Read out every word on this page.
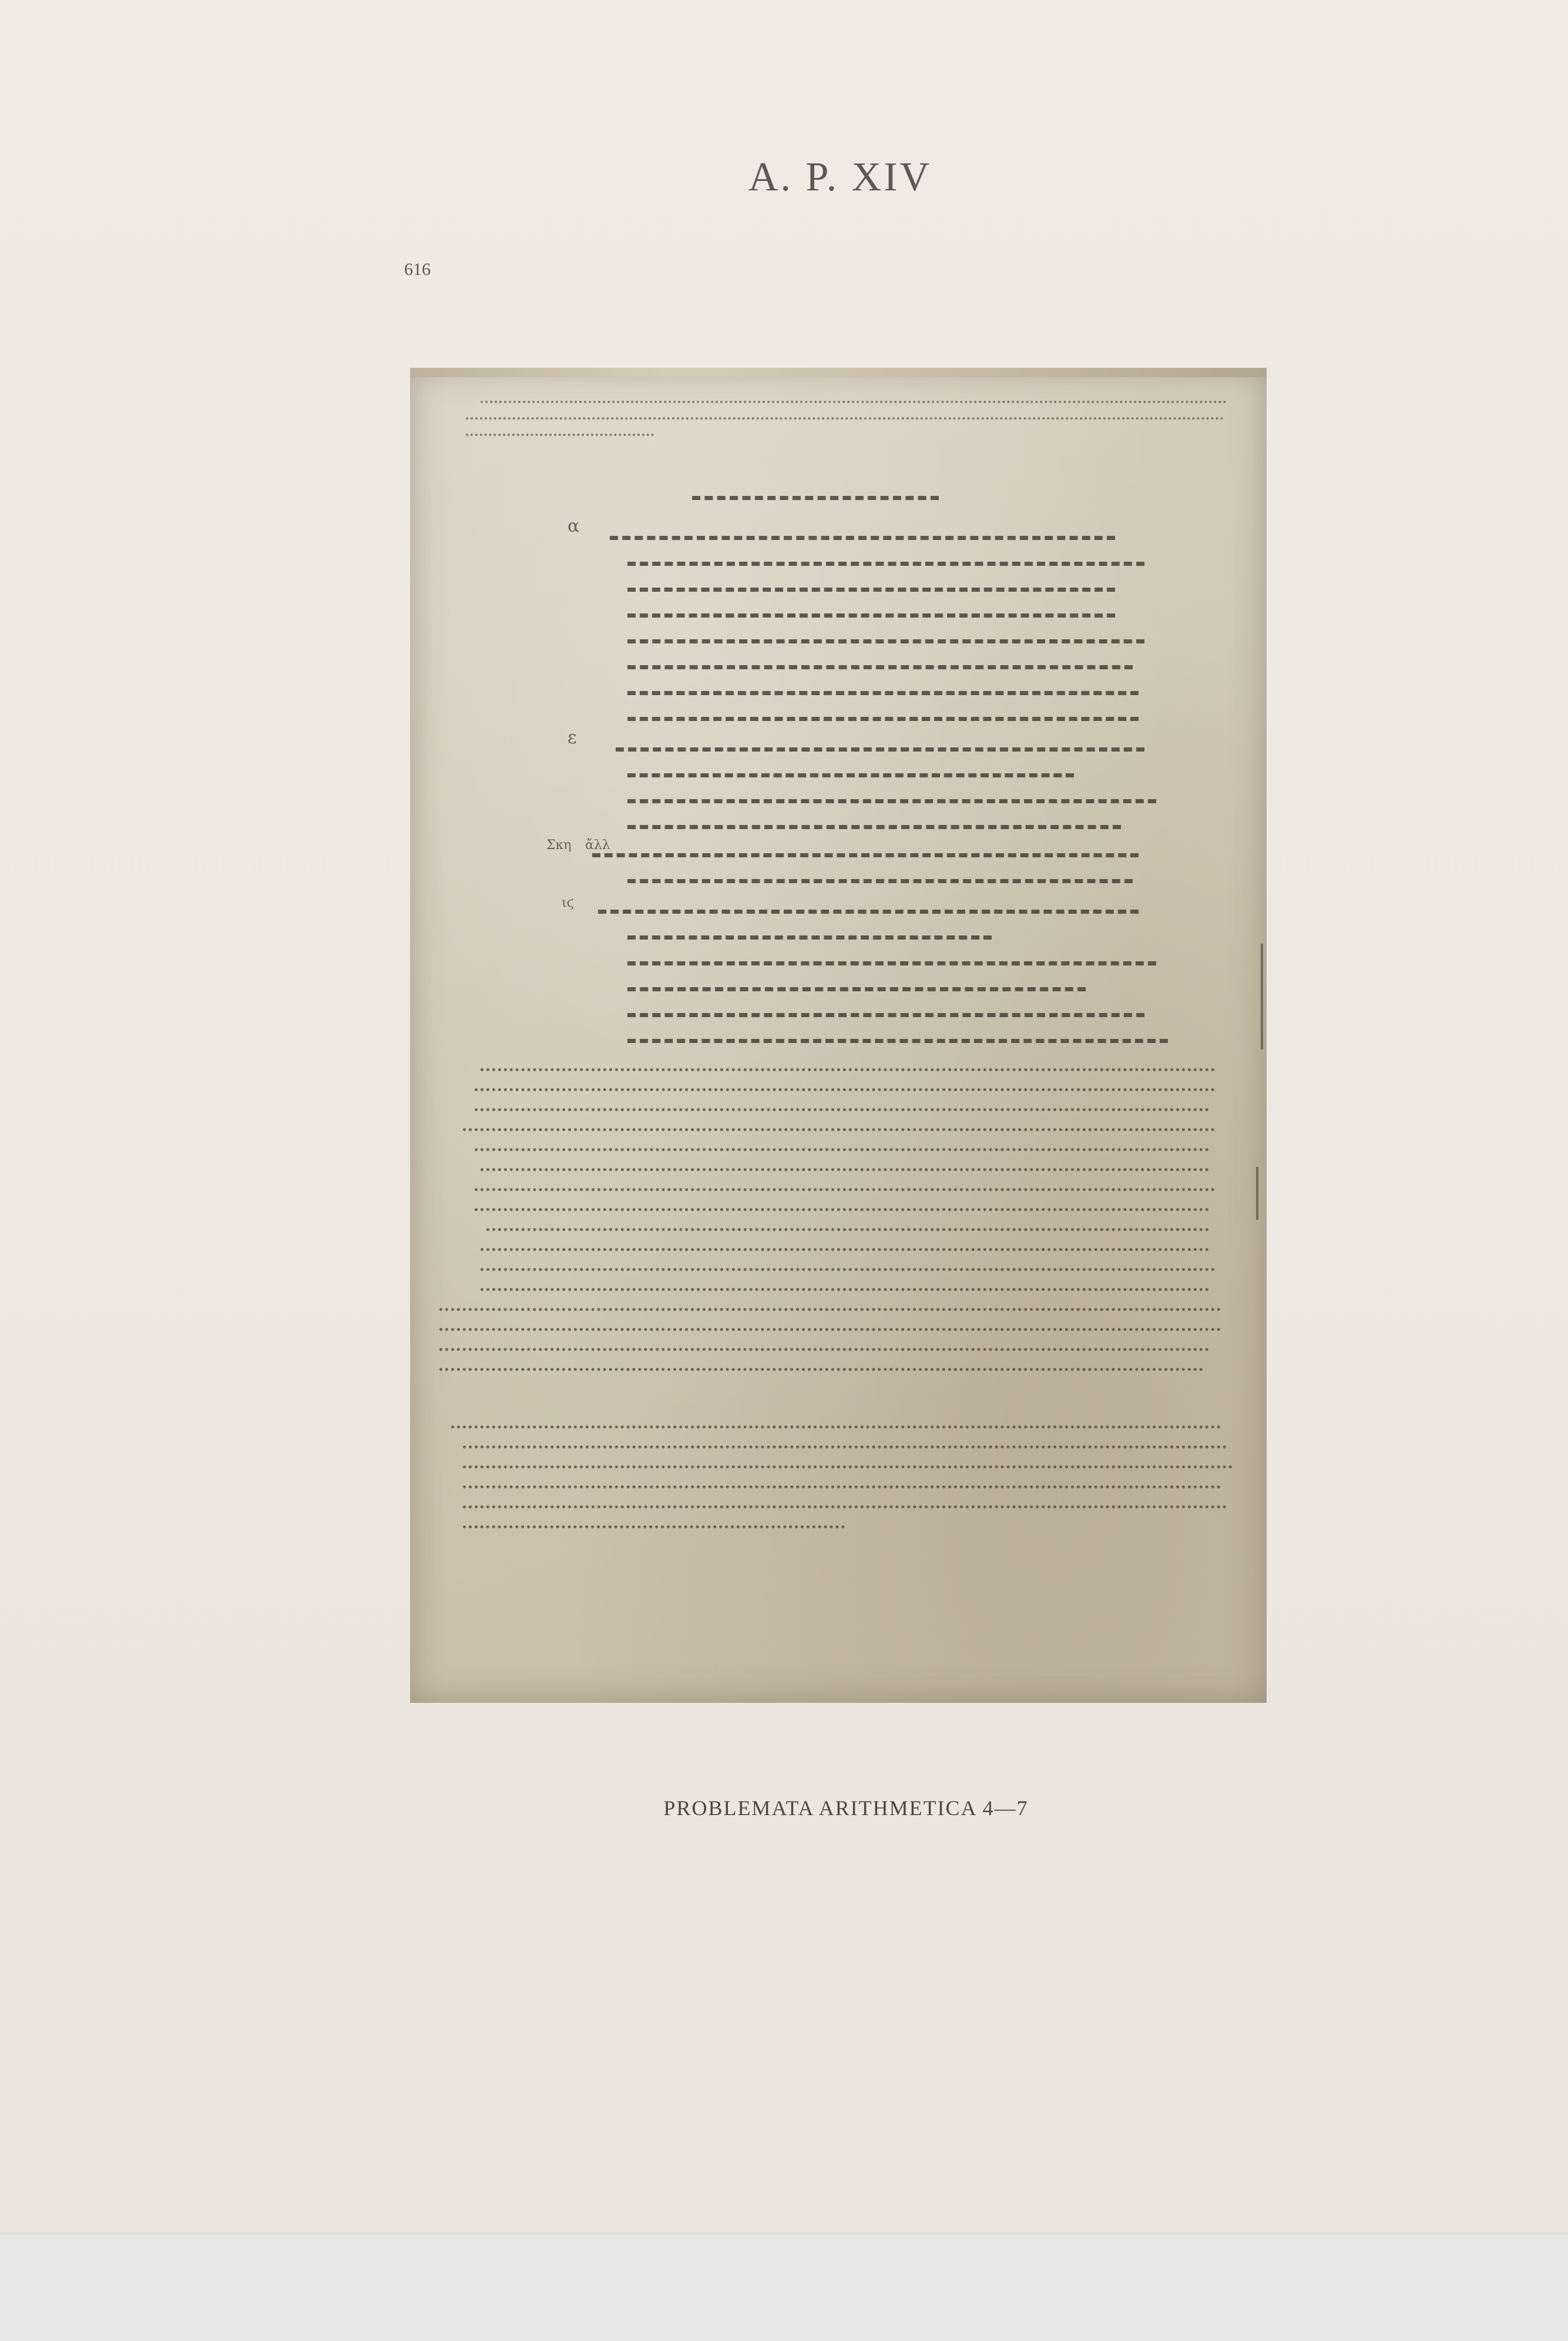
A. P. XIV
616
α
ε
Σκη ἄλλ
ιϛ
PROBLEMATA ARITHMETICA 4—7
